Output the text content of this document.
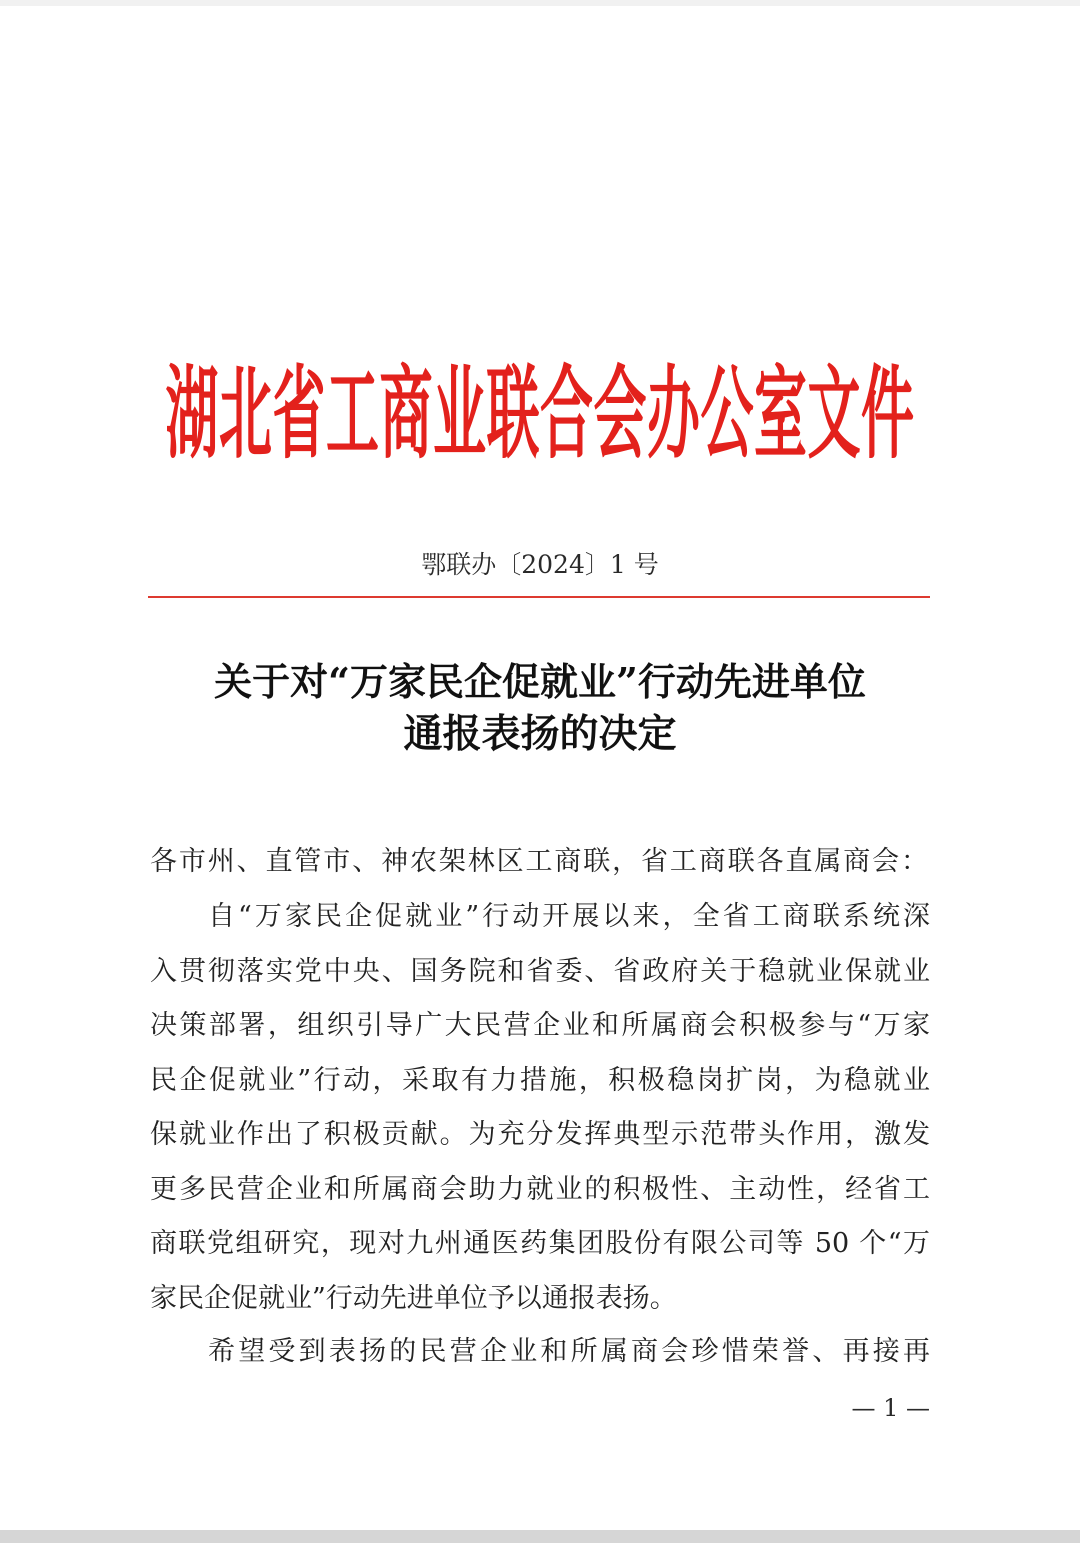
湖北省工商业联合会办公室文件
鄂联办〔2024〕1 号
关于对“万家民企促就业”行动先进单位
通报表扬的决定
各市州、直管市、神农架林区工商联，省工商联各直属商会：
自“万家民企促就业”行动开展以来，全省工商联系统深
入贯彻落实党中央、国务院和省委、省政府关于稳就业保就业
决策部署，组织引导广大民营企业和所属商会积极参与“万家
民企促就业”行动，采取有力措施，积极稳岗扩岗，为稳就业
保就业作出了积极贡献。为充分发挥典型示范带头作用，激发
更多民营企业和所属商会助力就业的积极性、主动性，经省工
商联党组研究，现对九州通医药集团股份有限公司等 50 个“万
家民企促就业”行动先进单位予以通报表扬。
希望受到表扬的民营企业和所属商会珍惜荣誉、再接再
— 1 —
